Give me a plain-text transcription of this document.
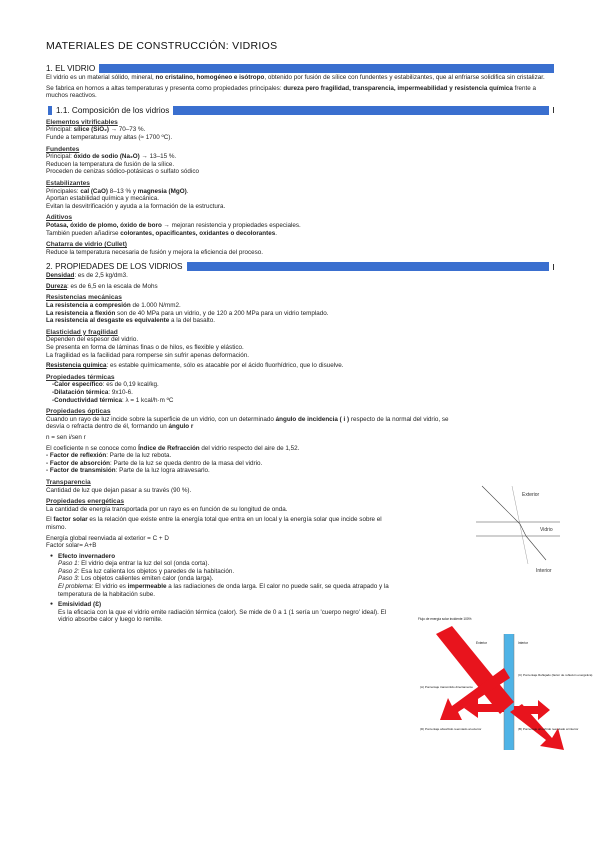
MATERIALES DE CONSTRUCCIÓN: VIDRIOS
1. EL VIDRIO

El vidrio es un material sólido, mineral, no cristalino, homogéneo e isótropo, obtenido por fusión de sílice con fundentes y estabilizantes, que al enfriarse solidifica sin cristalizar.

Se fabrica en hornos a altas temperaturas y presenta como propiedades principales: dureza pero fragilidad, transparencia, impermeabilidad y resistencia química frente a muchos reactivos.

1.1. Composición de los vidrios
Elementos vitrificables

Principal: sílice (SiO₂) → 70–73 %.

Funde a temperaturas muy altas (≈ 1700 ºC).

Fundentes

Principal: óxido de sodio (Na₂O) → 13–15 %.

Reducen la temperatura de fusión de la sílice.

Proceden de cenizas sódico-potásicas o sulfato sódico

Estabilizantes

Principales: cal (CaO) 8–13 % y magnesia (MgO).

Aportan estabilidad química y mecánica.

Evitan la desvitrificación y ayuda a la formación de la estructura.

Aditivos

Potasa, óxido de plomo, óxido de boro → mejoran resistencia y propiedades especiales.

También pueden añadirse colorantes, opacificantes, oxidantes o decolorantes.

Chatarra de vidrio (Cullet)

Reduce la temperatura necesaria de fusión y mejora la eficiencia del proceso.

2. PROPIEDADES DE LOS VIDRIOS

Densidad: es de 2,5 kg/dm3.

Dureza: es de 6,5 en la escala de Mohs

Resistencias mecánicas

La resistencia a compresión de 1.000 N/mm2.

La resistencia a flexión son de 40 MPa para un vidrio, y de 120 a 200 MPa para un vidrio templado.

La resistencia al desgaste es equivalente a la del basalto.

Elasticidad y fragilidad

Dependen del espesor del vidrio.

Se presenta en forma de láminas finas o de hilos, es flexible y elástico.

La fragilidad es la facilidad para romperse sin sufrir apenas deformación.

Resistencia química: es estable químicamente, sólo es atacable por el ácido fluorhídrico, que lo disuelve.

Propiedades térmicas

-Calor específico: es de 0,19 kcal/kg.

-Dilatación térmica: 9x10-6.

-Conductividad térmica: λ = 1 kcal/h·m ºC

Propiedades ópticas

Cuando un rayo de luz incide sobre la superficie de un vidrio, con un determinado ángulo de incidencia ( i ) respecto de la normal del vidrio, se desvía o refracta dentro de él, formando un ángulo r

n = sen i/sen r

El coeficiente n se conoce como Índice de Refracción del vidrio respecto del aire de 1,52.

- Factor de reflexión: Parte de la luz rebota.

- Factor de absorción: Parte de la luz se queda dentro de la masa del vidrio.

- Factor de transmisión: Parte de la luz logra atravesarlo.

Transparencia

Cantidad de luz que dejan pasar a su través (90 %).

Propiedades energéticas

La cantidad de energía transportada por un rayo es en función de su longitud de onda.

El factor solar es la relación que existe entre la energía total que entra en un local y la energía solar que incide sobre el mismo.

Energía global reenviada al exterior = C + D

Factor solar= A+B

● Efecto invernadero

Paso 1: El vidrio deja entrar la luz del sol (onda corta).

Paso 2: Esa luz calienta los objetos y paredes de la habitación.

Paso 3: Los objetos calientes emiten calor (onda larga).

El problema: El vidrio es impermeable a las radiaciones de onda larga. El calor no puede salir, se queda atrapado y la temperatura de la habitación sube.

● Emisividad (Ɛ)

Es la eficacia con la que el vidrio emite radiación térmica (calor). Se mide de 0 a 1 (1 sería un 'cuerpo negro' ideal). El vidrio absorbe calor y luego lo remite.

Exterior
Vidrio
Interior
Flujo de energía solar incidente 100%
Exterior	Interior
(C) Porcentaje Reflejado (factor de reflexión energética)
(A) Porcentaje transmitido directamente
(D) Porcentaje absorbido reenviado al exterior	(B) Porcentaje absorbido reenviado al interior
